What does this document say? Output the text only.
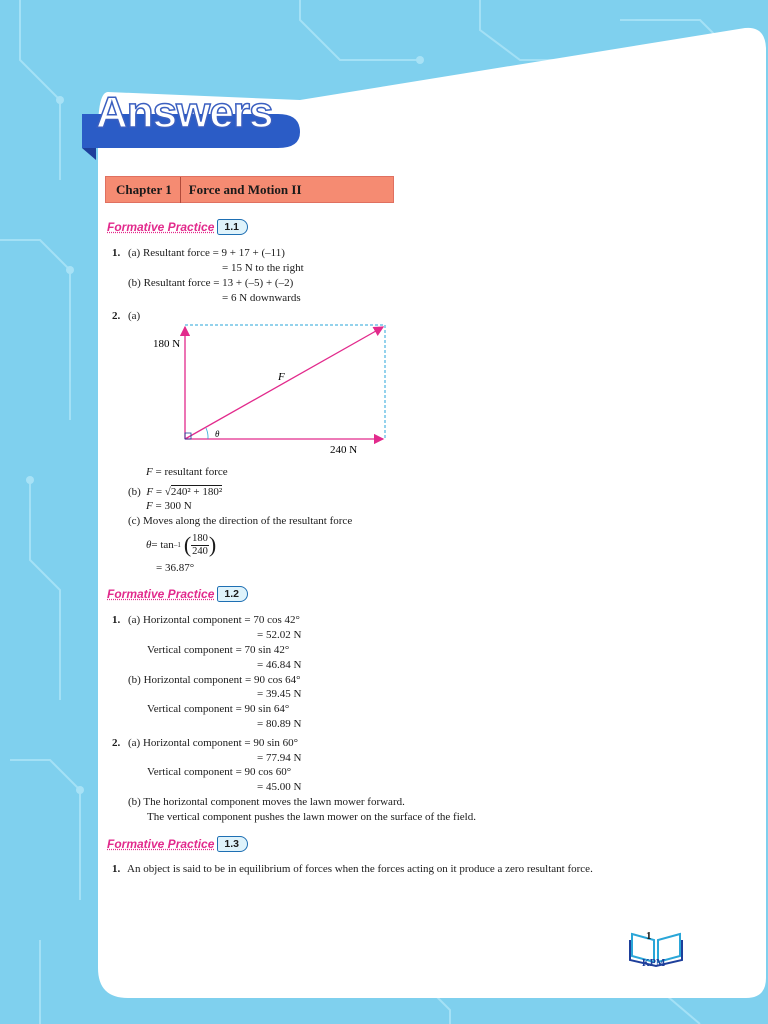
Answers
Chapter 1 Force and Motion II
Formative Practice 1.1
1. (a) Resultant force = 9 + 17 + (–11)
= 15 N to the right
(b) Resultant force = 13 + (–5) + (–2)
= 6 N downwards
2. (a)
180 N
240 N
F
θ
F = resultant force
(b) F = √240² + 180²
F = 300 N
(c) Moves along the direction of the resultant force
θ = tan –1 ( $\frac{180}{240}$ )
= 36.87°
Formative Practice 1.2
1. (a) Horizontal component = 70 cos 42°
= 52.02 N
Vertical component = 70 sin 42°
= 46.84 N
(b) Horizontal component = 90 cos 64°
= 39.45 N
Vertical component = 90 sin 64°
= 80.89 N
2. (a) Horizontal component = 90 sin 60°
= 77.94 N
Vertical component = 90 cos 60°
= 45.00 N
(b) The horizontal component moves the lawn mower forward.
The vertical component pushes the lawn mower on the surface of the field.
Formative Practice 1.3
1. An object is said to be in equilibrium of forces when the forces acting on it produce a zero resultant force.
1
KPM
